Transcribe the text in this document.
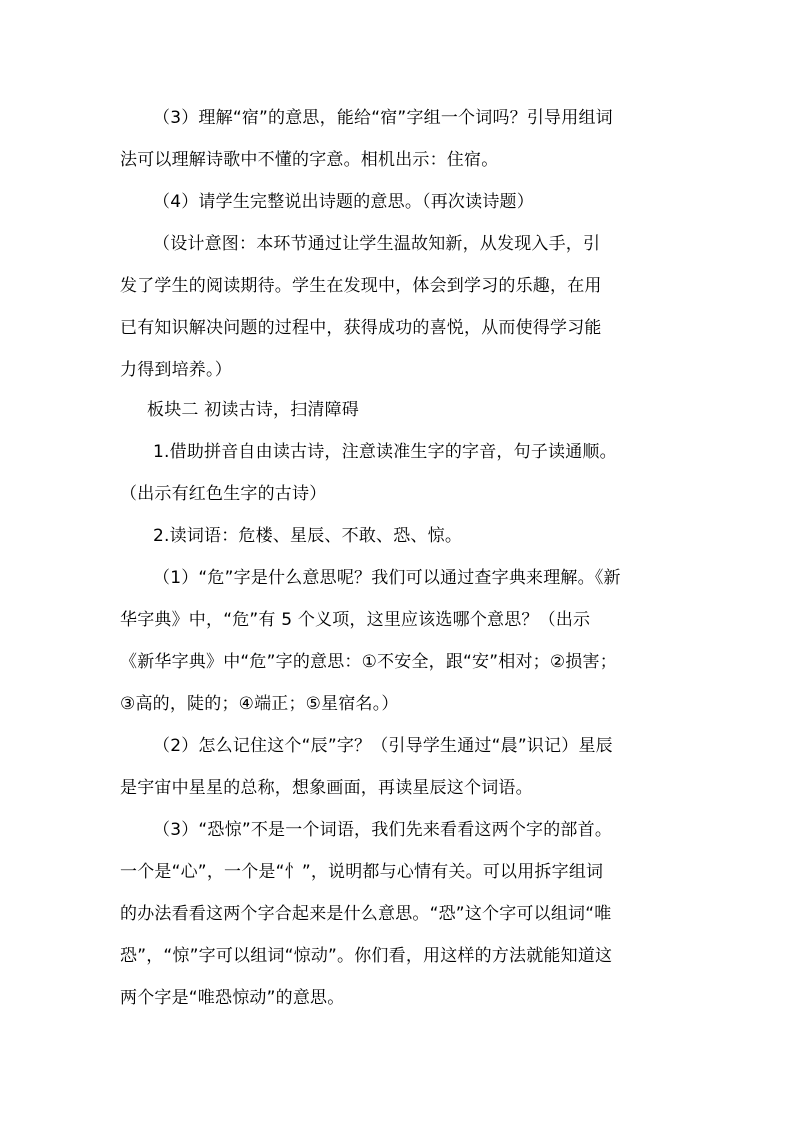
（3）理解“宿”的意思，能给“宿”字组一个词吗？引导用组词
法可以理解诗歌中不懂的字意。相机出示：住宿。
（4）请学生完整说出诗题的意思。（再次读诗题）
（设计意图：本环节通过让学生温故知新，从发现入手，引
发了学生的阅读期待。学生在发现中，体会到学习的乐趣，在用
已有知识解决问题的过程中，获得成功的喜悦，从而使得学习能
力得到培养。）
板块二 初读古诗，扫清障碍
1.借助拼音自由读古诗，注意读准生字的字音，句子读通顺。
（出示有红色生字的古诗）
2.读词语：危楼、星辰、不敢、恐、惊。
（1）“危”字是什么意思呢？我们可以通过查字典来理解。《新
华字典》中，“危”有 5 个义项，这里应该选哪个意思？（出示
《新华字典》中“危”字的意思：①不安全，跟“安”相对；②损害；
③高的，陡的；④端正；⑤星宿名。）
（2）怎么记住这个“辰”字？（引导学生通过“晨”识记）星辰
是宇宙中星星的总称，想象画面，再读星辰这个词语。
（3）“恐惊”不是一个词语，我们先来看看这两个字的部首。
一个是“心”，一个是“忄”，说明都与心情有关。可以用拆字组词
的办法看看这两个字合起来是什么意思。“恐”这个字可以组词“唯
恐”，“惊”字可以组词“惊动”。你们看，用这样的方法就能知道这
两个字是“唯恐惊动”的意思。
